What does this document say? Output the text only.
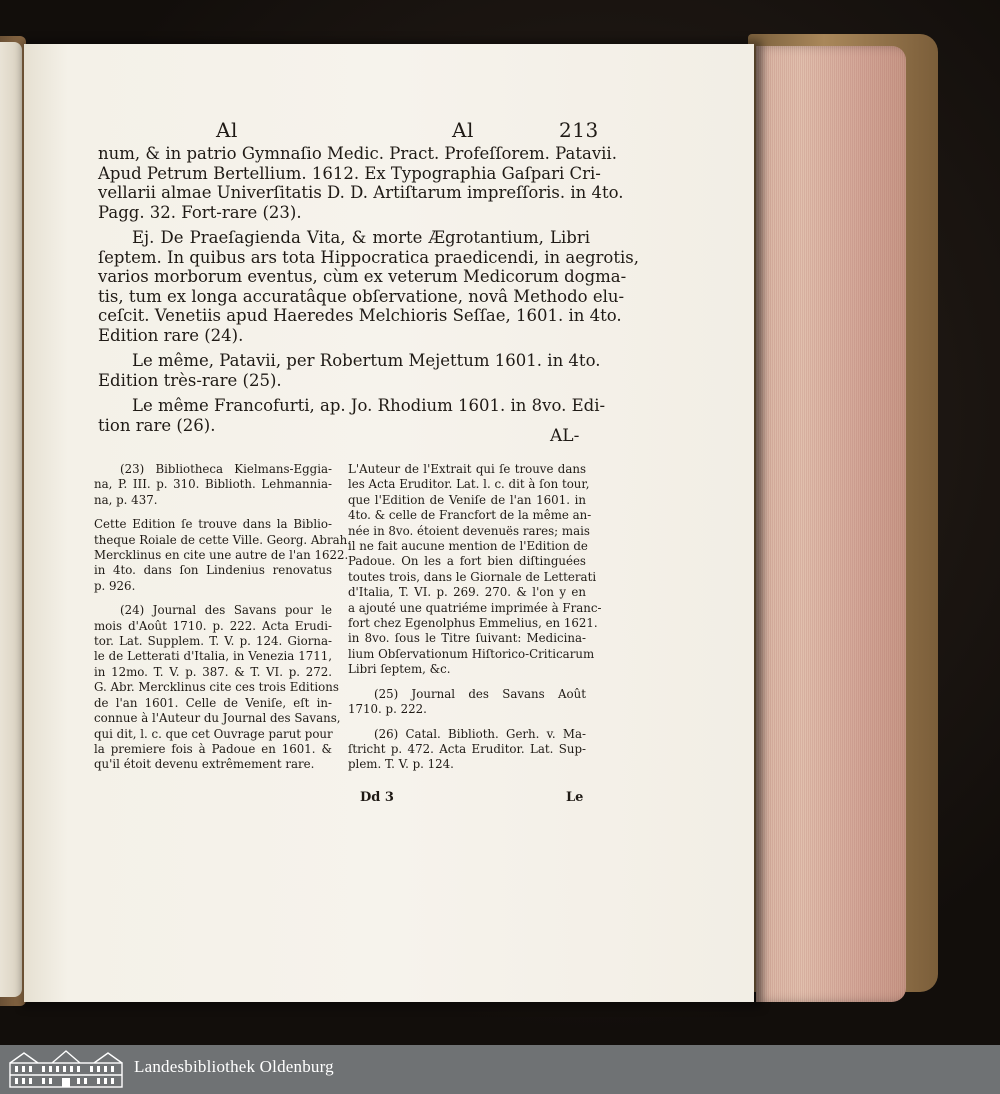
Al	Al	213
num, & in patrio Gymnaſio Medic. Pract. Profeſſorem. Patavii.
Apud Petrum Bertellium. 1612. Ex Typographia Gaſpari Cri-
vellarii almae Univerſitatis D. D. Artiſtarum impreſſoris. in 4to.
Pagg. 32. Fort-rare (23).
Ej. De Praeſagienda Vita, & morte Ægrotantium, Libri
ſeptem. In quibus ars tota Hippocratica praedicendi, in aegrotis,
varios morborum eventus, cùm ex veterum Medicorum dogma-
tis, tum ex longa accuratâque obſervatione, novâ Methodo elu-
ceſcit. Venetiis apud Haeredes Melchioris Seſſae, 1601. in 4to.
Edition rare (24).
Le même, Patavii, per Robertum Mejettum 1601. in 4to.
Edition très-rare (25).
Le même Francofurti, ap. Jo. Rhodium 1601. in 8vo. Edi-
tion rare (26).
AL-
(23) Bibliotheca Kielmans-Eggia-
na, P. III. p. 310. Biblioth. Lehmannia-
na, p. 437.
Cette Edition ſe trouve dans la Biblio-
theque Roiale de cette Ville. Georg. Abrah.
Mercklinus en cite une autre de l'an 1622.
in 4to. dans ſon Lindenius renovatus
p. 926.
(24) Journal des Savans pour le
mois d'Août 1710. p. 222. Acta Erudi-
tor. Lat. Supplem. T. V. p. 124. Giorna-
le de Letterati d'Italia, in Venezia 1711,
in 12mo. T. V. p. 387. & T. VI. p. 272.
G. Abr. Mercklinus cite ces trois Editions
de l'an 1601. Celle de Veniſe, eſt in-
connue à l'Auteur du Journal des Savans,
qui dit, l. c. que cet Ouvrage parut pour
la premiere fois à Padoue en 1601. &
qu'il étoit devenu extrêmement rare.
L'Auteur de l'Extrait qui ſe trouve dans
les Acta Eruditor. Lat. l. c. dit à ſon tour,
que l'Edition de Veniſe de l'an 1601. in
4to. & celle de Francfort de la même an-
née in 8vo. étoient devenuës rares; mais
il ne fait aucune mention de l'Edition de
Padoue. On les a fort bien diſtinguées
toutes trois, dans le Giornale de Letterati
d'Italia, T. VI. p. 269. 270. & l'on y en
a ajouté une quatriéme imprimée à Franc-
fort chez Egenolphus Emmelius, en 1621.
in 8vo. ſous le Titre ſuivant: Medicina-
lium Obſervationum Hiſtorico-Criticarum
Libri ſeptem, &c.
(25) Journal des Savans Août
1710. p. 222.
(26) Catal. Biblioth. Gerh. v. Ma-
ſtricht p. 472. Acta Eruditor. Lat. Sup-
plem. T. V. p. 124.
Dd 3	Le
Landesbibliothek Oldenburg
